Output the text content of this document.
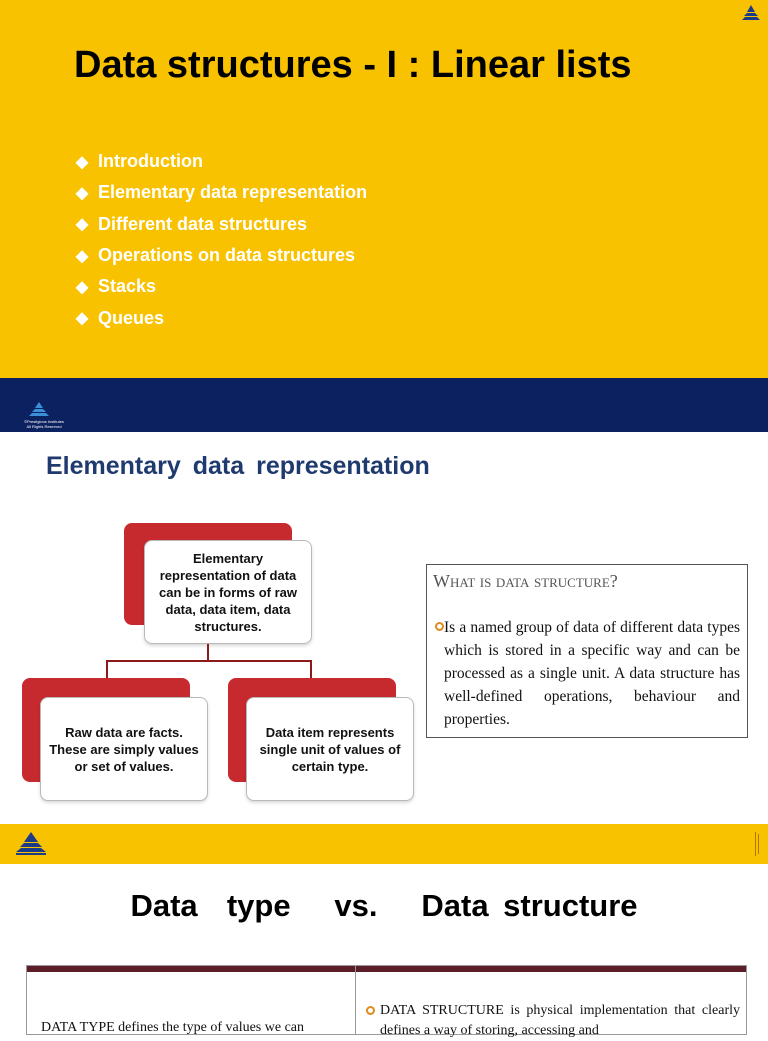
Data structures - I : Linear lists
◆ Introduction
◆ Elementary data representation
◆ Different data structures
◆ Operations on data structures
◆ Stacks
◆ Queues
©Prestigious Institutes
All Rights Reserved
Elementary data representation
Elementary representation of data can be in forms of raw data, data item, data structures.
Raw data are facts. These are simply values or set of values.
Data item represents single unit of values of certain type.
What is data structure?

Is a named group of data of different data types which is stored in a specific way and can be processed as a single unit. A data structure has well-defined operations, behaviour and properties.

Data  type   vs.   Data structure

DATA TYPE defines the type of values we can

DATA STRUCTURE is physical implementation that clearly defines a way of storing, accessing and
